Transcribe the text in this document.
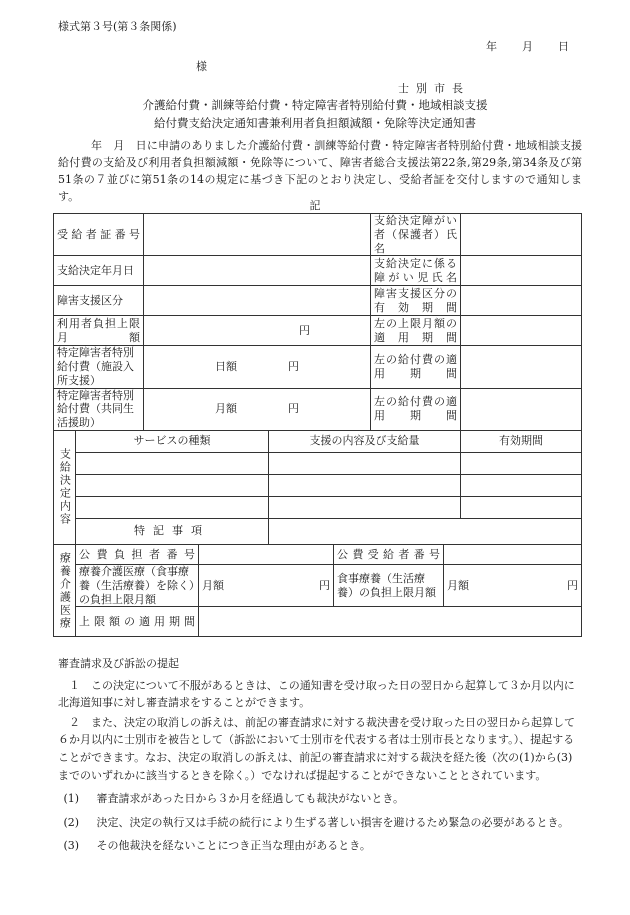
様式第３号(第３条関係)
年 月 日
様
士別市長
介護給付費・訓練等給付費・特定障害者特別給付費・地域相談支援
給付費支給決定通知書兼利用者負担額減額・免除等決定通知書

年　月　日に申請のありました介護給付費・訓練等給付費・特定障害者特別給付費・地域相談支援給付費の支給及び利用者負担額減額・免除等について、障害者総合支援法第22条,第29条,第34条及び第51条の７並びに第51条の14の規定に基づき下記のとおり決定し、受給者証を交付しますので通知します。

記
受給者証番号				支給決定障がい者（保護者）氏名	
支給決定年月日				支給決定に係る障がい児氏名	
障害支援区分				障害支援区分の有効期間	
利用者負担上限月額		円		左の上限月額の適用期間	
特定障害者特別給付費（施設入所支援）		日額 円		左の給付費の適用期間	
特定障害者特別給付費（共同生活援助）		月額 円		左の給付費の適用期間	
支給決定内容	サービスの種類		支援の内容及び支給量		有効期間

	特記事項				
療養介護医療	公費負担者番号		公費受給者番号	
	療養介護医療（食事療養（生活療養）を除く）の負担上限月額	月額 円	食事療養（生活療養）の負担上限月額	月額 円

	上限額の適用期間			

審査請求及び訴訟の提起

１　この決定について不服があるときは、この通知書を受け取った日の翌日から起算して３か月以内に北海道知事に対し審査請求をすることができます。

２　また、決定の取消しの訴えは、前記の審査請求に対する裁決書を受け取った日の翌日から起算して６か月以内に士別市を被告として（訴訟において士別市を代表する者は士別市長となります。）、提起することができます。なお、決定の取消しの訴えは、前記の審査請求に対する裁決を経た後（次の(1)から(3)までのいずれかに該当するときを除く。）でなければ提起することができないこととされています。

(1) 審査請求があった日から３か月を経過しても裁決がないとき。

(2) 決定、決定の執行又は手続の続行により生ずる著しい損害を避けるため緊急の必要があるとき。

(3) その他裁決を経ないことにつき正当な理由があるとき。
